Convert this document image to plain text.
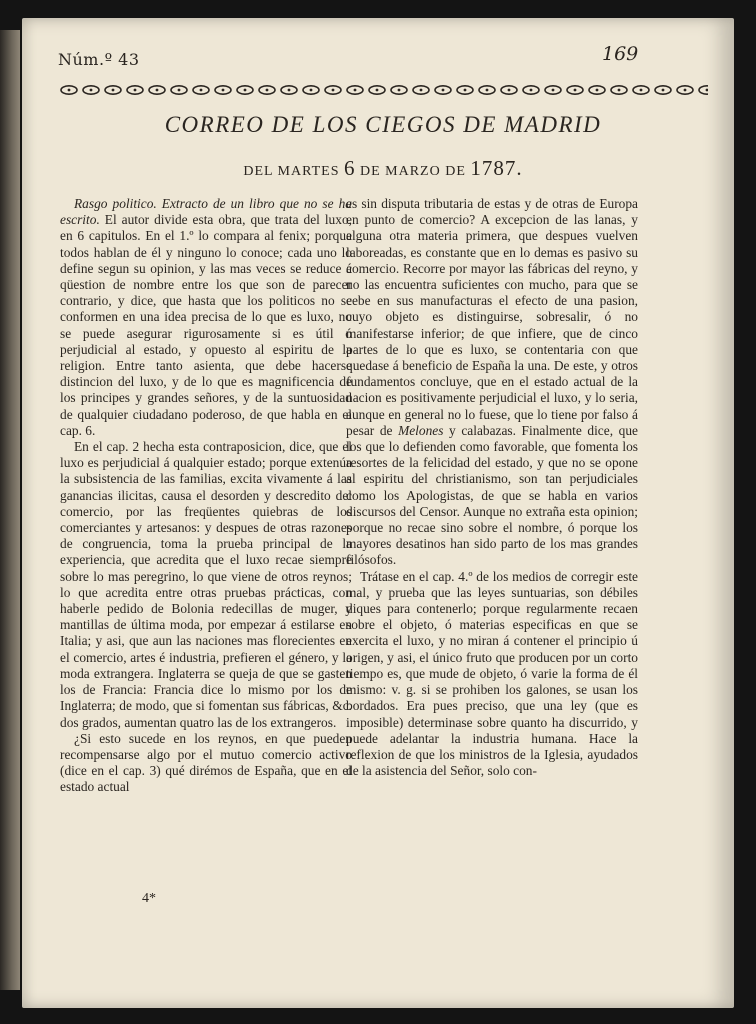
Núm.º 43	169
CORREO DE LOS CIEGOS DE MADRID
DEL MARTES 6 DE MARZO DE 1787.

Rasgo politico. Extracto de un libro que no se ha escrito. El autor divide esta obra, que trata del luxo, en 6 capitulos. En el 1.º lo compara al fenix; porque todos hablan de él y ninguno lo conoce; cada uno lo define segun su opinion, y las mas veces se reduce á qüestion de nombre entre los que son de parecer contrario, y dice, que hasta que los politicos no se conformen en una idea precisa de lo que es luxo, no se puede asegurar rigurosamente si es útil ó perjudicial al estado, y opuesto al espiritu de la religion. Entre tanto asienta, que debe hacerse distincion del luxo, y de lo que es magnificencia de los principes y grandes señores, y de la suntuosidad de qualquier ciudadano poderoso, de que habla en el cap. 6.

En el cap. 2 hecha esta contraposicion, dice, que el luxo es perjudicial á qualquier estado; porque extenúa la subsistencia de las familias, excita vivamente á las ganancias ilicitas, causa el desorden y descredito del comercio, por las freqüentes quiebras de los comerciantes y artesanos: y despues de otras razones de congruencia, toma la prueba principal de la experiencia, que acredita que el luxo recae siempre sobre lo mas peregrino, lo que viene de otros reynos; lo que acredita entre otras pruebas prácticas, con haberle pedido de Bolonia redecillas de muger, y mantillas de última moda, por empezar á estilarse en Italia; y asi, que aun las naciones mas florecientes en el comercio, artes é industria, prefieren el género, y la moda extrangera. Inglaterra se queja de que se gasten los de Francia: Francia dice lo mismo por los de Inglaterra; de modo, que si fomentan sus fábricas, &c. dos grados, aumentan quatro las de los extrangeros.

¿Si esto sucede en los reynos, en que pueden recompensarse algo por el mutuo comercio activo (dice en el cap. 3) qué dirémos de España, que en el estado actual

es sin disputa tributaria de estas y de otras de Europa en punto de comercio? A excepcion de las lanas, y alguna otra materia primera, que despues vuelven laboreadas, es constante que en lo demas es pasivo su comercio. Recorre por mayor las fábricas del reyno, y no las encuentra suficientes con mucho, para que se cebe en sus manufacturas el efecto de una pasion, cuyo objeto es distinguirse, sobresalir, ó no manifestarse inferior; de que infiere, que de cinco partes de lo que es luxo, se contentaria con que quedase á beneficio de España la una. De este, y otros fundamentos concluye, que en el estado actual de la nacion es positivamente perjudicial el luxo, y lo seria, aunque en general no lo fuese, que lo tiene por falso á pesar de Melones y calabazas. Finalmente dice, que los que lo defienden como favorable, que fomenta los resortes de la felicidad del estado, y que no se opone al espiritu del christianismo, son tan perjudiciales como los Apologistas, de que se habla en varios discursos del Censor. Aunque no extraña esta opinion; porque no recae sino sobre el nombre, ó porque los mayores desatinos han sido parto de los mas grandes filósofos.

Trátase en el cap. 4.º de los medios de corregir este mal, y prueba que las leyes suntuarias, son débiles diques para contenerlo; porque regularmente recaen sobre el objeto, ó materias especificas en que se exercita el luxo, y no miran á contener el principio ú origen, y asi, el único fruto que producen por un corto tiempo es, que mude de objeto, ó varie la forma de él mismo: v. g. si se prohiben los galones, se usan los bordados. Era pues preciso, que una ley (que es imposible) determinase sobre quanto ha discurrido, y puede adelantar la industria humana. Hace la reflexion de que los ministros de la Iglesia, ayudados de la asistencia del Señor, solo con-

4*
